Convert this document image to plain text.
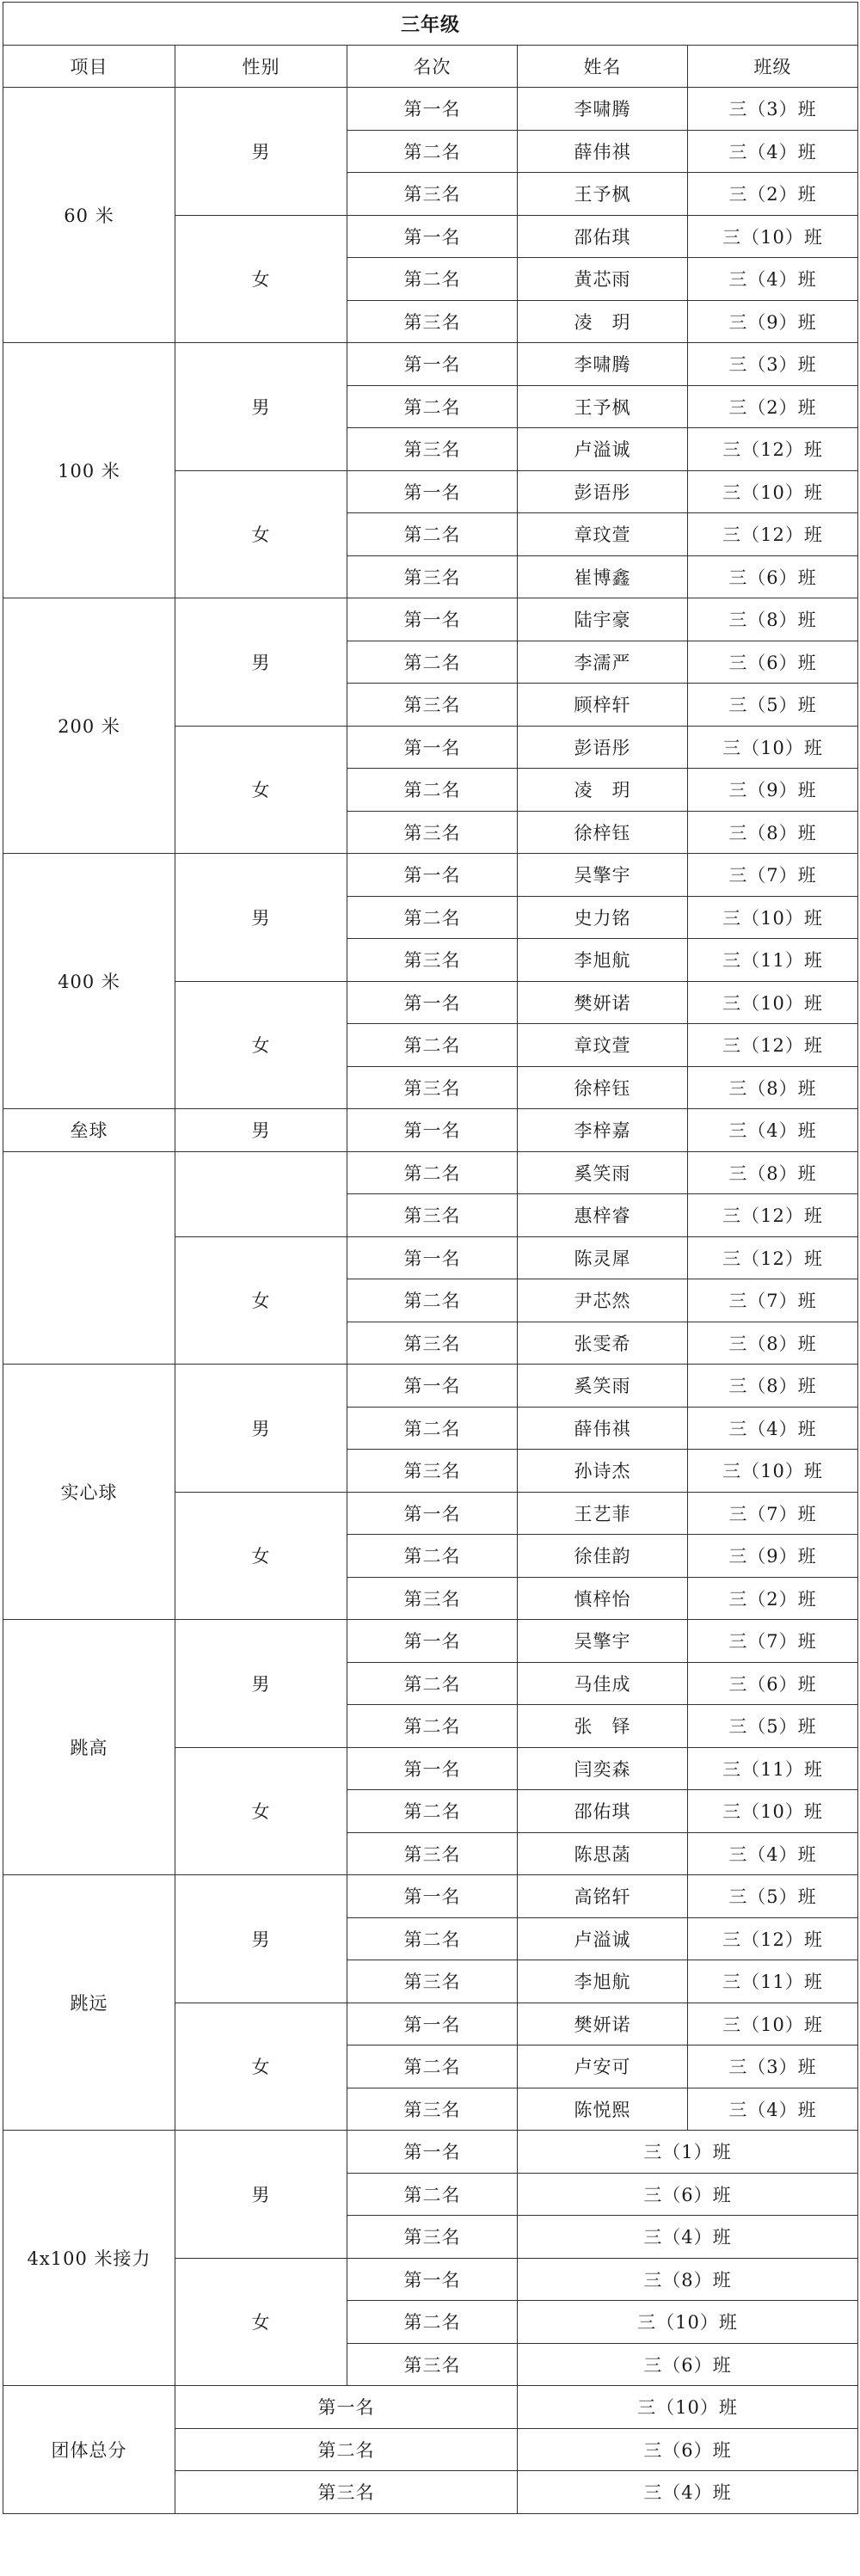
三年级				
项目	性别	名次	姓名	班级
60 米	男	第一名	李啸腾	三（3）班
		第二名	薛伟祺	三（4）班
		第三名	王予枫	三（2）班
	女	第一名	邵佑琪	三（10）班
		第二名	黄芯雨	三（4）班
		第三名	凌　玥	三（9）班
100 米	男	第一名	李啸腾	三（3）班
		第二名	王予枫	三（2）班
		第三名	卢溢诚	三（12）班
	女	第一名	彭语彤	三（10）班
		第二名	章玟萱	三（12）班
		第三名	崔博鑫	三（6）班
200 米	男	第一名	陆宇豪	三（8）班
		第二名	李濡严	三（6）班
		第三名	顾梓轩	三（5）班
	女	第一名	彭语彤	三（10）班
		第二名	凌　玥	三（9）班
		第三名	徐梓钰	三（8）班
400 米	男	第一名	吴擎宇	三（7）班
		第二名	史力铭	三（10）班
		第三名	李旭航	三（11）班
	女	第一名	樊妍诺	三（10）班
		第二名	章玟萱	三（12）班
		第三名	徐梓钰	三（8）班
垒球	男	第一名	李梓嘉	三（4）班
		第二名	奚笑雨	三（8）班
		第三名	惠梓睿	三（12）班
	女	第一名	陈灵犀	三（12）班
		第二名	尹芯然	三（7）班
		第三名	张雯希	三（8）班
实心球	男	第一名	奚笑雨	三（8）班
		第二名	薛伟祺	三（4）班
		第三名	孙诗杰	三（10）班
	女	第一名	王艺菲	三（7）班
		第二名	徐佳韵	三（9）班
		第三名	慎梓怡	三（2）班
跳高	男	第一名	吴擎宇	三（7）班
		第二名	马佳成	三（6）班
		第二名	张　铎	三（5）班
	女	第一名	闫奕森	三（11）班
		第二名	邵佑琪	三（10）班
		第三名	陈思菡	三（4）班
跳远	男	第一名	高铭轩	三（5）班
		第二名	卢溢诚	三（12）班
		第三名	李旭航	三（11）班
	女	第一名	樊妍诺	三（10）班
		第二名	卢安可	三（3）班
		第三名	陈悦熙	三（4）班
4x100 米接力	男	第一名	三（1）班	
		第二名	三（6）班	
		第三名	三（4）班	
	女	第一名	三（8）班	
		第二名	三（10）班	
		第三名	三（6）班	
团体总分	第一名		三（10）班	
	第二名		三（6）班	
	第三名		三（4）班	
